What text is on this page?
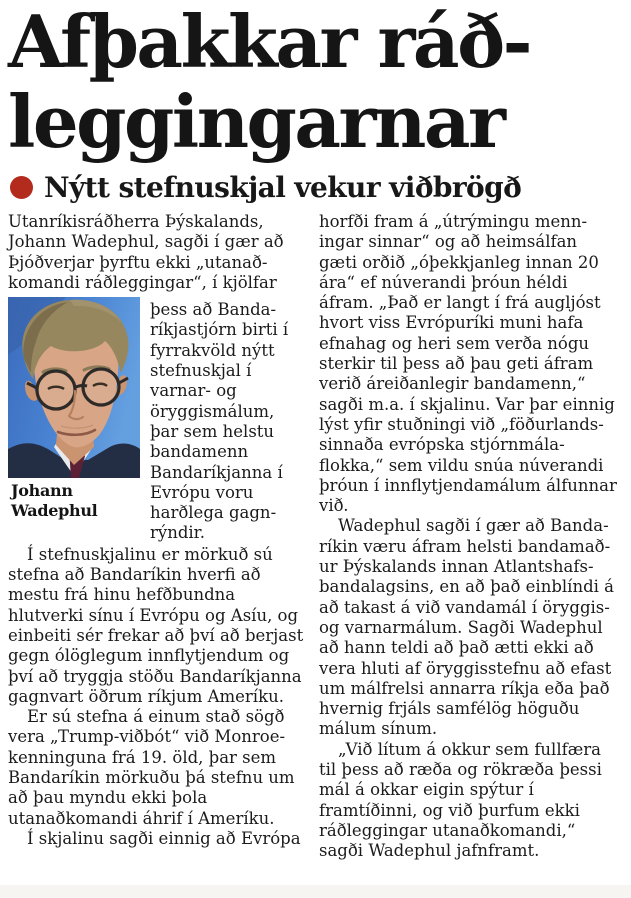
Afþakkar ráð-
leggingarnar
Nýtt stefnuskjal vekur viðbrögð

Utanríkisráðherra Þýskalands, Johann Wadephul, sagði í gær að Þjóðverjar þyrftu ekki „utanaðkomandi ráðleggingar“, í kjölfar

Johann Wadephul

þess að Bandaríkjastjórn birti í fyrrakvöld nýtt stefnuskjal í varnar- og öryggismálum, þar sem helstu bandamenn Bandaríkjanna í Evrópu voru harðlega gagnrýndir.

Í stefnuskjalinu er mörkuð sú stefna að Bandaríkin hverfi að mestu frá hinu hefðbundna hlutverki sínu í Evrópu og Asíu, og einbeiti sér frekar að því að berjast gegn ólöglegum innflytjendum og því að tryggja stöðu Bandaríkjanna gagnvart öðrum ríkjum Ameríku.

Er sú stefna á einum stað sögð vera „Trump-viðbót“ við Monroe-kenninguna frá 19. öld, þar sem Bandaríkin mörkuðu þá stefnu um að þau myndu ekki þola utanaðkomandi áhrif í Ameríku.

Í skjalinu sagði einnig að Evrópa

horfði fram á „útrýmingu menningar sinnar“ og að heimsálfan gæti orðið „óþekkjanleg innan 20 ára“ ef núverandi þróun héldi áfram. „Það er langt í frá augljóst hvort viss Evrópuríki muni hafa efnahag og heri sem verða nógu sterkir til þess að þau geti áfram verið áreiðanlegir bandamenn,“ sagði m.a. í skjalinu. Var þar einnig lýst yfir stuðningi við „föðurlandssinnaða evrópska stjórnmálaflokka,“ sem vildu snúa núverandi þróun í innflytjendamálum álfunnar við.

Wadephul sagði í gær að Bandaríkin væru áfram helsti bandamaður Þýskalands innan Atlantshafsbandalagsins, en að það einblíndi á að takast á við vandamál í öryggis- og varnarmálum. Sagði Wadephul að hann teldi að það ætti ekki að vera hluti af öryggisstefnu að efast um málfrelsi annarra ríkja eða það hvernig frjáls samfélög höguðu málum sínum.

„Við lítum á okkur sem fullfæra til þess að ræða og rökræða þessi mál á okkar eigin spýtur í framtíðinni, og við þurfum ekki ráðleggingar utanaðkomandi,“ sagði Wadephul jafnframt.
